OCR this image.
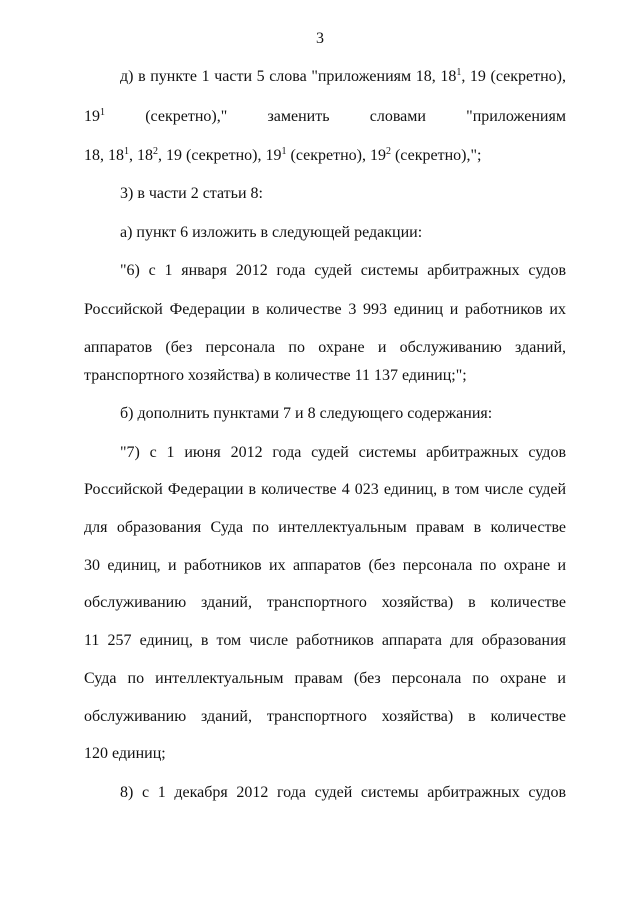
3
д) в пункте 1 части 5 слова "приложениям 18, $18^1$, 19 (секретно),
$19^1$	(секретно),"	заменить	словами	"приложениям
18, $18^1$, $18^2$, 19 (секретно), $19^1$ (секретно), $19^2$ (секретно),";
3) в части 2 статьи 8:
а) пункт 6 изложить в следующей редакции:
"6) с 1 января 2012 года судей системы арбитражных судов
Российской Федерации в количестве 3 993 единиц и работников их
аппаратов (без персонала по охране и обслуживанию зданий,
транспортного хозяйства) в количестве 11 137 единиц;";
б) дополнить пунктами 7 и 8 следующего содержания:
"7) с 1 июня 2012 года судей системы арбитражных судов
Российской Федерации в количестве 4 023 единиц, в том числе судей
для образования Суда по интеллектуальным правам в количестве
30 единиц, и работников их аппаратов (без персонала по охране и
обслуживанию зданий, транспортного хозяйства) в количестве
11 257 единиц, в том числе работников аппарата для образования
Суда по интеллектуальным правам (без персонала по охране и
обслуживанию зданий, транспортного хозяйства) в количестве
120 единиц;
8) с 1 декабря 2012 года судей системы арбитражных судов
